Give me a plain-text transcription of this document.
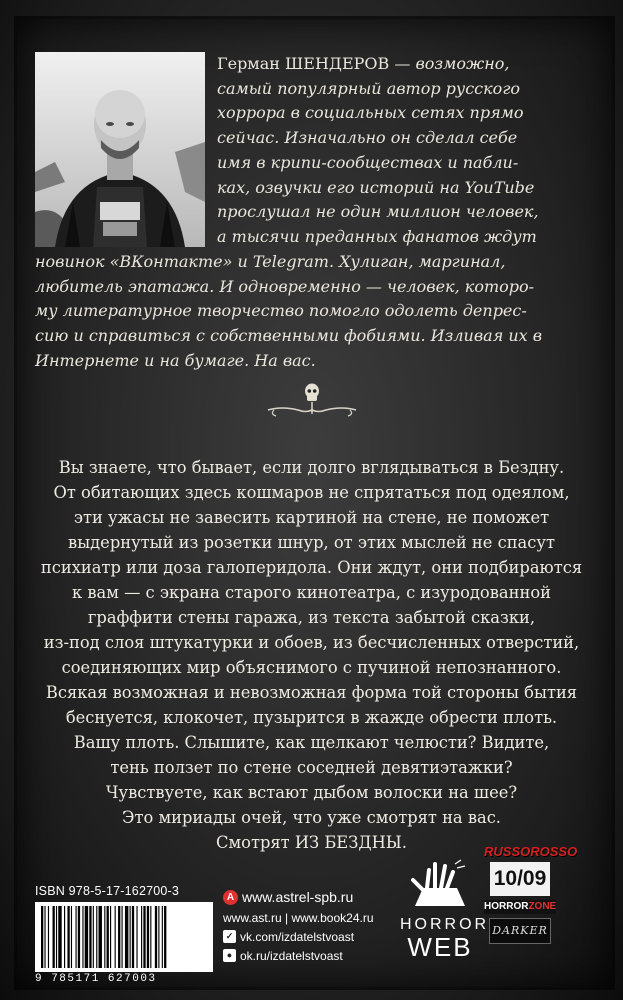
Герман ШЕНДЕРОВ — возможно,
самый популярный автор русского
хоррора в социальных сетях прямо
сейчас. Изначально он сделал себе
имя в крипи-сообществах и пабли-
ках, озвучки его историй на YouTube
прослушал не один миллион человек,
а тысячи преданных фанатов ждут
новинок «ВКонтакте» и Telegram. Хулиган, маргинал,
любитель эпатажа. И одновременно — человек, которо-
му литературное творчество помогло одолеть депрес-
сию и справиться с собственными фобиями. Изливая их в
Интернете и на бумаге. На вас.

Вы знаете, что бывает, если долго вглядываться в Бездну.

От обитающих здесь кошмаров не спрятаться под одеялом,

эти ужасы не завесить картиной на стене, не поможет

выдернутый из розетки шнур, от этих мыслей не спасут

психиатр или доза галоперидола. Они ждут, они подбираются

к вам — с экрана старого кинотеатра, с изуродованной

граффити стены гаража, из текста забытой сказки,

из-под слоя штукатурки и обоев, из бесчисленных отверстий,

соединяющих мир объяснимого с пучиной непознанного.

Всякая возможная и невозможная форма той стороны бытия

беснуется, клокочет, пузырится в жажде обрести плоть.

Вашу плоть. Слышите, как щелкают челюсти? Видите,

тень ползет по стене соседней девятиэтажки?

Чувствуете, как встают дыбом волоски на шее?

Это мириады очей, что уже смотрят на вас.

Смотрят ИЗ БЕЗДНЫ.

ISBN 978-5-17-162700-3
9 785171 627003
А www.astrel-spb.ru
www.ast.ru | www.book24.ru
✓ vk.com/izdatelstvoast
● ok.ru/izdatelstvoast
HORROR
WEB
RUSSOROSSO
10/09
HORRORZONE
DARKER
